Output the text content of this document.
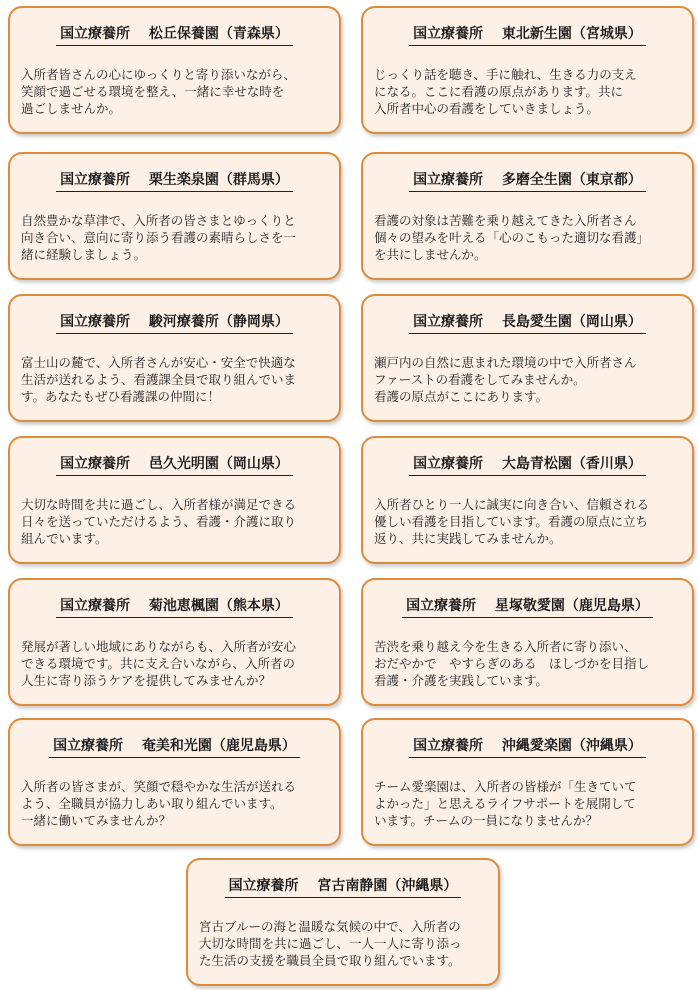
国立療養所　 松丘保養園（青森県）
入所者皆さんの心にゆっくりと寄り添いながら、
笑顔で過ごせる環境を整え、一緒に幸せな時を
過ごしませんか。
国立療養所　 東北新生園（宮城県）
じっくり話を聴き、手に触れ、生きる力の支え
になる。ここに看護の原点があります。共に
入所者中心の看護をしていきましょう。
国立療養所　 栗生楽泉園（群馬県）
自然豊かな草津で、入所者の皆さまとゆっくりと
向き合い、意向に寄り添う看護の素晴らしさを一
緒に経験しましょう。
国立療養所　 多磨全生園（東京都）
看護の対象は苦難を乗り越えてきた入所者さん
個々の望みを叶える「心のこもった適切な看護」
を共にしませんか。
国立療養所　 駿河療養所（静岡県）
富士山の麓で、入所者さんが安心・安全で快適な
生活が送れるよう、看護課全員で取り組んでいま
す。あなたもぜひ看護課の仲間に！
国立療養所　 長島愛生園（岡山県）
瀬戸内の自然に恵まれた環境の中で入所者さん
ファーストの看護をしてみませんか。
看護の原点がここにあります。
国立療養所　 邑久光明園（岡山県）
大切な時間を共に過ごし、入所者様が満足できる
日々を送っていただけるよう、看護・介護に取り
組んでいます。
国立療養所　 大島青松園（香川県）
入所者ひとり一人に誠実に向き合い、信頼される
優しい看護を目指しています。看護の原点に立ち
返り、共に実践してみませんか。
国立療養所　 菊池恵楓園（熊本県）
発展が著しい地域にありながらも、入所者が安心
できる環境です。共に支え合いながら、入所者の
人生に寄り添うケアを提供してみませんか？
国立療養所　 星塚敬愛園（鹿児島県）
苦渋を乗り越え今を生きる入所者に寄り添い、
おだやかで　やすらぎのある　ほしづかを目指し
看護・介護を実践しています。
国立療養所　 奄美和光園（鹿児島県）
入所者の皆さまが、笑顔で穏やかな生活が送れる
よう、全職員が協力しあい取り組んでいます。
一緒に働いてみませんか？
国立療養所　 沖縄愛楽園（沖縄県）
チーム愛楽園は、入所者の皆様が「生きていて
よかった」と思えるライフサポートを展開して
います。チームの一員になりませんか？
国立療養所　 宮古南静園（沖縄県）
宮古ブルーの海と温暖な気候の中で、入所者の
大切な時間を共に過ごし、一人一人に寄り添っ
た生活の支援を職員全員で取り組んでいます。
